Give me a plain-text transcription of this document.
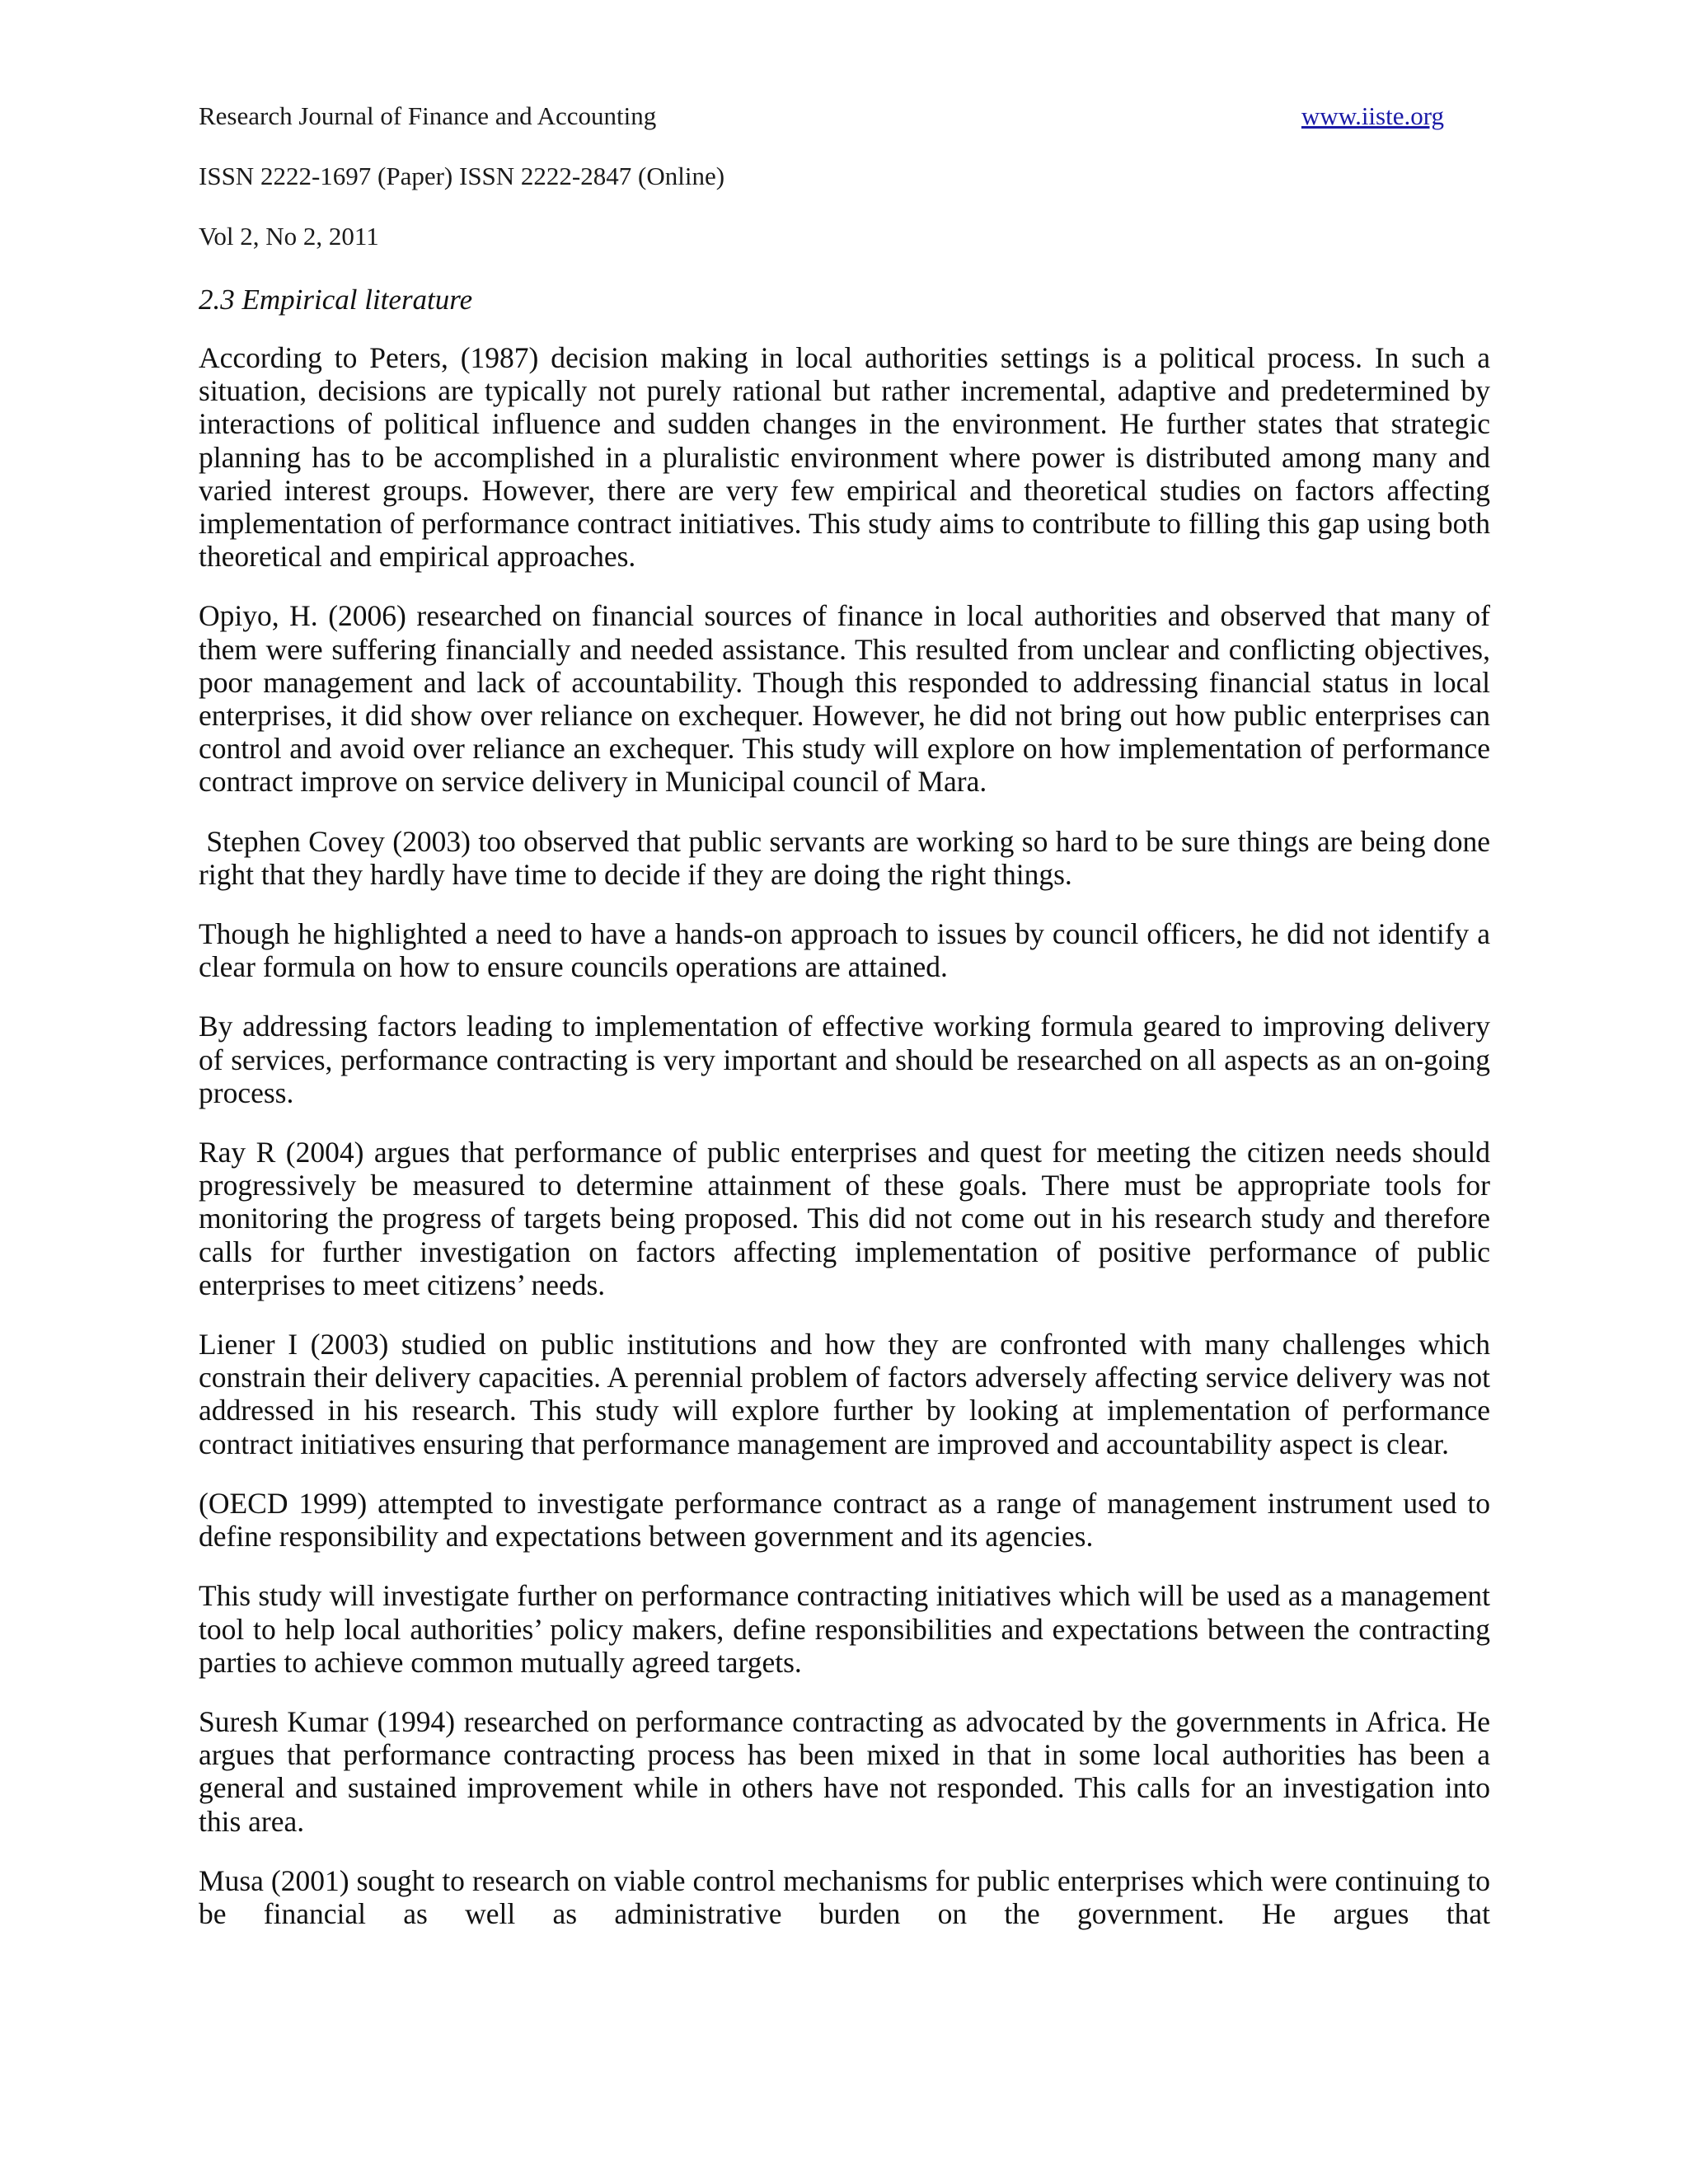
Research Journal of Finance and Accounting	www.iiste.org
ISSN 2222-1697 (Paper) ISSN 2222-2847 (Online)
Vol 2, No 2, 2011
2.3 Empirical literature

According to Peters, (1987) decision making in local authorities settings is a political process. In such a situation, decisions are typically not purely rational but rather incremental, adaptive and predetermined by interactions of political influence and sudden changes in the environment. He further states that strategic planning has to be accomplished in a pluralistic environment where power is distributed among many and varied interest groups. However, there are very few empirical and theoretical studies on factors affecting implementation of performance contract initiatives. This study aims to contribute to filling this gap using both theoretical and empirical approaches.

Opiyo, H. (2006) researched on financial sources of finance in local authorities and observed that many of them were suffering financially and needed assistance. This resulted from unclear and conflicting objectives, poor management and lack of accountability. Though this responded to addressing financial status in local enterprises, it did show over reliance on exchequer. However, he did not bring out how public enterprises can control and avoid over reliance an exchequer. This study will explore on how implementation of performance contract improve on service delivery in Municipal council of Mara.

Stephen Covey (2003) too observed that public servants are working so hard to be sure things are being done right that they hardly have time to decide if they are doing the right things.

Though he highlighted a need to have a hands-on approach to issues by council officers, he did not identify a clear formula on how to ensure councils operations are attained.

By addressing factors leading to implementation of effective working formula geared to improving delivery of services, performance contracting is very important and should be researched on all aspects as an on-going process.

Ray R (2004) argues that performance of public enterprises and quest for meeting the citizen needs should progressively be measured to determine attainment of these goals. There must be appropriate tools for monitoring the progress of targets being proposed. This did not come out in his research study and therefore calls for further investigation on factors affecting implementation of positive performance of public enterprises to meet citizens’ needs.

Liener I (2003) studied on public institutions and how they are confronted with many challenges which constrain their delivery capacities. A perennial problem of factors adversely affecting service delivery was not addressed in his research. This study will explore further by looking at implementation of performance contract initiatives ensuring that performance management are improved and accountability aspect is clear.

(OECD 1999) attempted to investigate performance contract as a range of management instrument used to define responsibility and expectations between government and its agencies.

This study will investigate further on performance contracting initiatives which will be used as a management tool to help local authorities’ policy makers, define responsibilities and expectations between the contracting parties to achieve common mutually agreed targets.

Suresh Kumar (1994) researched on performance contracting as advocated by the governments in Africa. He argues that performance contracting process has been mixed in that in some local authorities has been a general and sustained improvement while in others have not responded. This calls for an investigation into this area.

Musa (2001) sought to research on viable control mechanisms for public enterprises which were continuing to be financial as well as administrative burden on the government. He argues that
